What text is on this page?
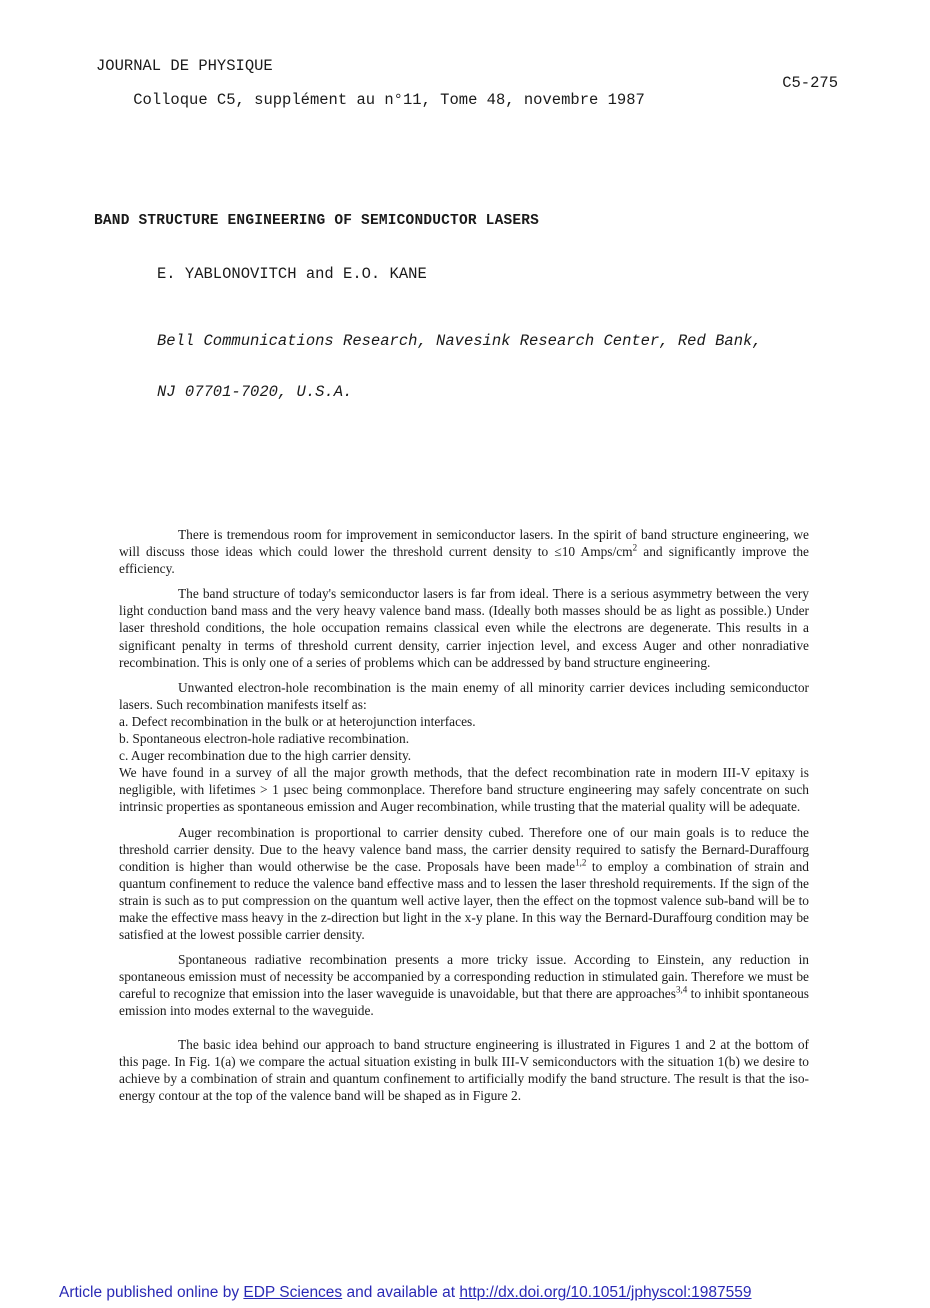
JOURNAL DE PHYSIQUE

Colloque C5, supplément au n°11, Tome 48, novembre 1987

C5-275

BAND STRUCTURE ENGINEERING OF SEMICONDUCTOR LASERS
E. YABLONOVITCH and E.O. KANE

Bell Communications Research, Navesink Research Center, Red Bank,

NJ 07701-7020, U.S.A.

There is tremendous room for improvement in semiconductor lasers. In the spirit of band structure engineering, we will discuss those ideas which could lower the threshold current density to ≤10 Amps/$cm^2$ and significantly improve the efficiency.

The band structure of today's semiconductor lasers is far from ideal. There is a serious asymmetry between the very light conduction band mass and the very heavy valence band mass. (Ideally both masses should be as light as possible.) Under laser threshold conditions, the hole occupation remains classical even while the electrons are degenerate. This results in a significant penalty in terms of threshold current density, carrier injection level, and excess Auger and other nonradiative recombination. This is only one of a series of problems which can be addressed by band structure engineering.

Unwanted electron-hole recombination is the main enemy of all minority carrier devices including semiconductor lasers. Such recombination manifests itself as:

a. Defect recombination in the bulk or at heterojunction interfaces.

b. Spontaneous electron-hole radiative recombination.

c. Auger recombination due to the high carrier density.

We have found in a survey of all the major growth methods, that the defect recombination rate in modern III-V epitaxy is negligible, with lifetimes > 1 µsec being commonplace. Therefore band structure engineering may safely concentrate on such intrinsic properties as spontaneous emission and Auger recombination, while trusting that the material quality will be adequate.

Auger recombination is proportional to carrier density cubed. Therefore one of our main goals is to reduce the threshold carrier density. Due to the heavy valence band mass, the carrier density required to satisfy the Bernard-Duraffourg condition is higher than would otherwise be the case. Proposals have been made$^{1,2}$ to employ a combination of strain and quantum confinement to reduce the valence band effective mass and to lessen the laser threshold requirements. If the sign of the strain is such as to put compression on the quantum well active layer, then the effect on the topmost valence sub-band will be to make the effective mass heavy in the z-direction but light in the x-y plane. In this way the Bernard-Duraffourg condition may be satisfied at the lowest possible carrier density.

Spontaneous radiative recombination presents a more tricky issue. According to Einstein, any reduction in spontaneous emission must of necessity be accompanied by a corresponding reduction in stimulated gain. Therefore we must be careful to recognize that emission into the laser waveguide is unavoidable, but that there are approaches$^{3,4}$ to inhibit spontaneous emission into modes external to the waveguide.

The basic idea behind our approach to band structure engineering is illustrated in Figures 1 and 2 at the bottom of this page. In Fig. 1(a) we compare the actual situation existing in bulk III-V semiconductors with the situation 1(b) we desire to achieve by a combination of strain and quantum confinement to artificially modify the band structure. The result is that the iso-energy contour at the top of the valence band will be shaped as in Figure 2.

Article published online by EDP Sciences and available at http://dx.doi.org/10.1051/jphyscol:1987559
